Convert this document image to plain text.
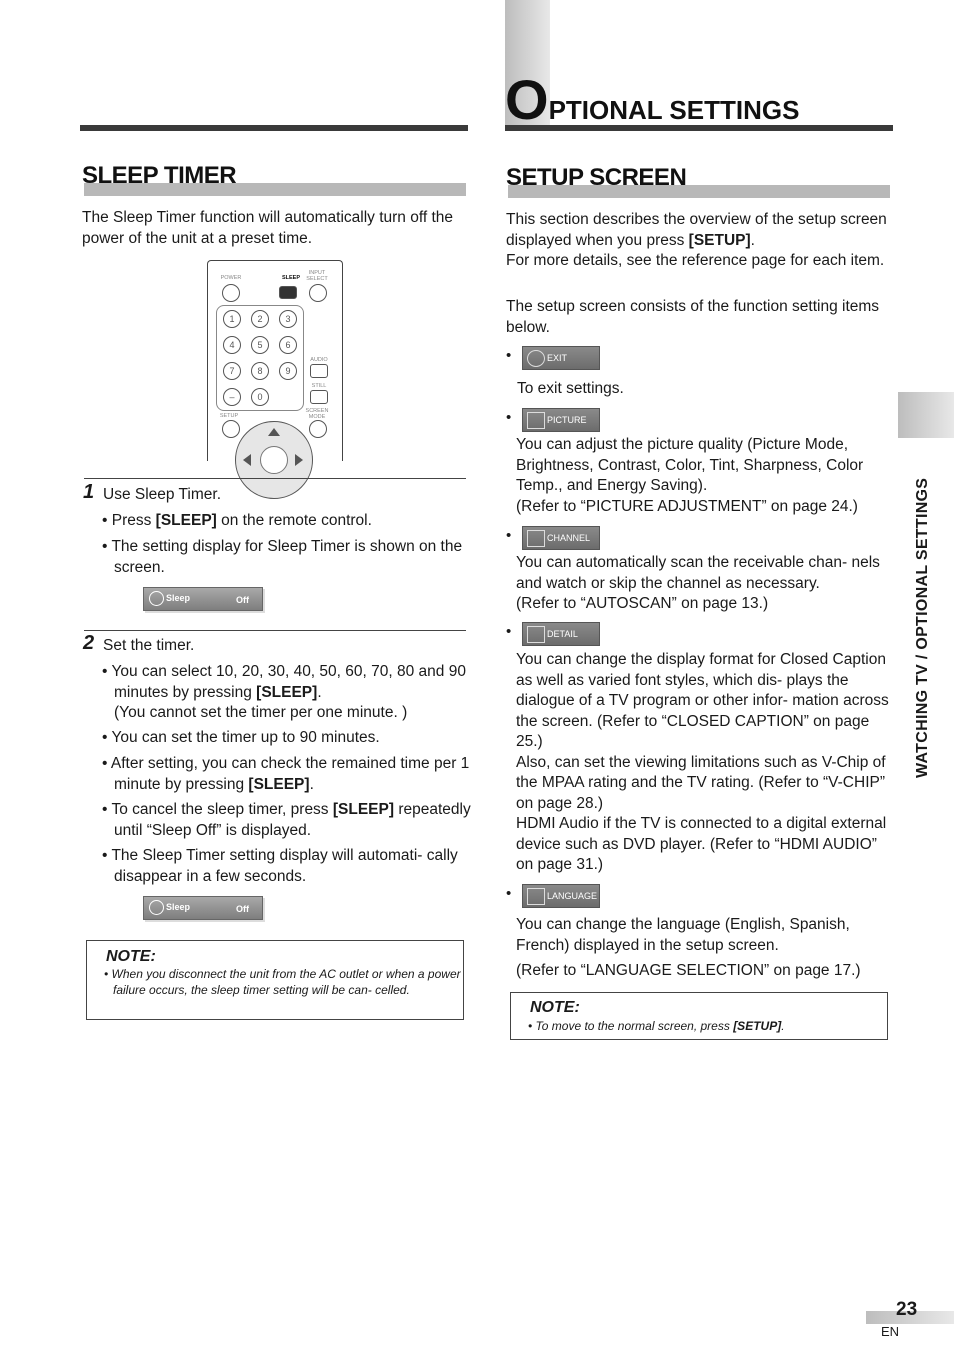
OPTIONAL SETTINGS
WATCHING TV / OPTIONAL SETTINGS
SLEEP TIMER

The Sleep Timer function will automatically turn off the power of the unit at a preset time.

POWER	SLEEP
INPUT SELECT
1	2	3
4	5	6
7	8	9
–	0
AUDIO
STILL
SETUP
SCREEN MODE
1 Use Sleep Timer.

• Press [SLEEP] on the remote control.
• The setting display for Sleep Timer is shown on the screen.
Sleep	Off
2 Set the timer.

• You can select 10, 20, 30, 40, 50, 60, 70, 80 and 90 minutes by pressing [SLEEP].
(You cannot set the timer per one minute. )
• You can set the timer up to 90 minutes.
• After setting, you can check the remained time per 1 minute by pressing [SLEEP].
• To cancel the sleep timer, press [SLEEP] repeatedly until “Sleep Off” is displayed.
• The Sleep Timer setting display will automati- cally disappear in a few seconds.
Sleep	Off
NOTE:
• When you disconnect the unit from the AC outlet or when a power failure occurs, the sleep timer setting will be can- celled.
SETUP SCREEN

This section describes the overview of the setup screen displayed when you press [SETUP].
For more details, see the reference page for each item.

The setup screen consists of the function setting items below.

•	EXIT

To exit settings.

•	PICTURE

You can adjust the picture quality (Picture Mode, Brightness, Contrast, Color, Tint, Sharpness, Color Temp., and Energy Saving).
(Refer to “PICTURE ADJUSTMENT” on page 24.)

•	CHANNEL

You can automatically scan the receivable chan- nels and watch or skip the channel as necessary.
(Refer to “AUTOSCAN” on page 13.)

•	DETAIL

You can change the display format for Closed Caption as well as varied font styles, which dis- plays the dialogue of a TV program or other infor- mation across the screen. (Refer to “CLOSED CAPTION” on page 25.)
Also, can set the viewing limitations such as V-Chip of the MPAA rating and the TV rating. (Refer to “V-CHIP” on page 28.)
HDMI Audio if the TV is connected to a digital external device such as DVD player. (Refer to “HDMI AUDIO” on page 31.)

•	LANGUAGE

You can change the language (English, Spanish, French) displayed in the setup screen.

(Refer to “LANGUAGE SELECTION” on page 17.)

NOTE:
• To move to the normal screen, press [SETUP].
23
EN
